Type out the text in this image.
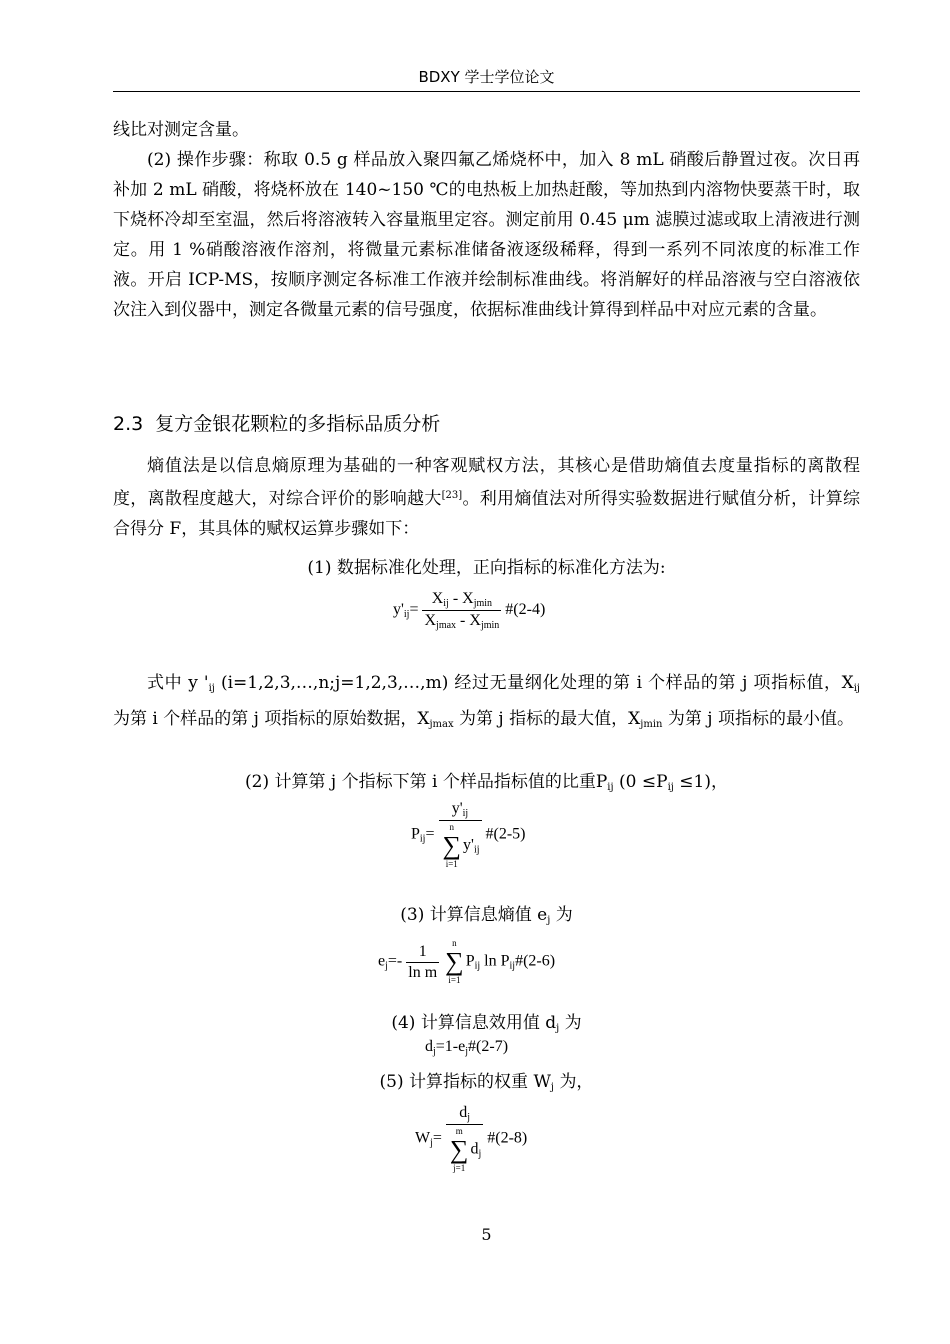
BDXY 学士学位论文

线比对测定含量。

(2) 操作步骤：称取 0.5 g 样品放入聚四氟乙烯烧杯中，加入 8 mL 硝酸后静置过夜。次日再补加 2 mL 硝酸，将烧杯放在 140~150 ℃的电热板上加热赶酸，等加热到内溶物快要蒸干时，取下烧杯冷却至室温，然后将溶液转入容量瓶里定容。测定前用 0.45 μm 滤膜过滤或取上清液进行测定。用 1 %硝酸溶液作溶剂，将微量元素标准储备液逐级稀释，得到一系列不同浓度的标准工作液。开启 ICP-MS，按顺序测定各标准工作液并绘制标准曲线。将消解好的样品溶液与空白溶液依次注入到仪器中，测定各微量元素的信号强度，依据标准曲线计算得到样品中对应元素的含量。

2.3 复方金银花颗粒的多指标品质分析

熵值法是以信息熵原理为基础的一种客观赋权方法，其核心是借助熵值去度量指标的离散程度，离散程度越大，对综合评价的影响越大[23]。利用熵值法对所得实验数据进行赋值分析，计算综合得分 F，其具体的赋权运算步骤如下：

(1) 数据标准化处理，正向指标的标准化方法为:
$y'_{ij}= \frac{X_{ij} - X_{jmin}}{X_{jmax} - X_{jmin}}$ #(2-4)

式中 y '$_{ij}$ (i=1,2,3,…,n;j=1,2,3,…,m) 经过无量纲化处理的第 i 个样品的第 j 项指标值，$X_{ij}$ 为第 i 个样品的第 j 项指标的原始数据，$X_{jmax}$ 为第 j 指标的最大值，$X_{jmin}$ 为第 j 项指标的最小值。

(2) 计算第 j 个指标下第 i 个样品指标值的比重$P_{ij}$ $(0 \le P_{ij} \le 1)$，
$P_{ij}= y'_{ij}$
n
∑
i=1
$y'_{ij}$ #(2-5)
(3) 计算信息熵值 $e_j$ 为
$e_j=- \frac{1}{\text{ln m}}$
	n
∑
i=1
$P_{ij}$ $\ln P_{ij}\#(2-6)$
(4) 计算信息效用值 $d_j$ 为
$d_j=1-e_j\#(2-7)$
(5) 计算指标的权重 $W_j$ 为，
$W_j= d_j$
m
∑
j=1
$d_j$ #(2-8)
5
